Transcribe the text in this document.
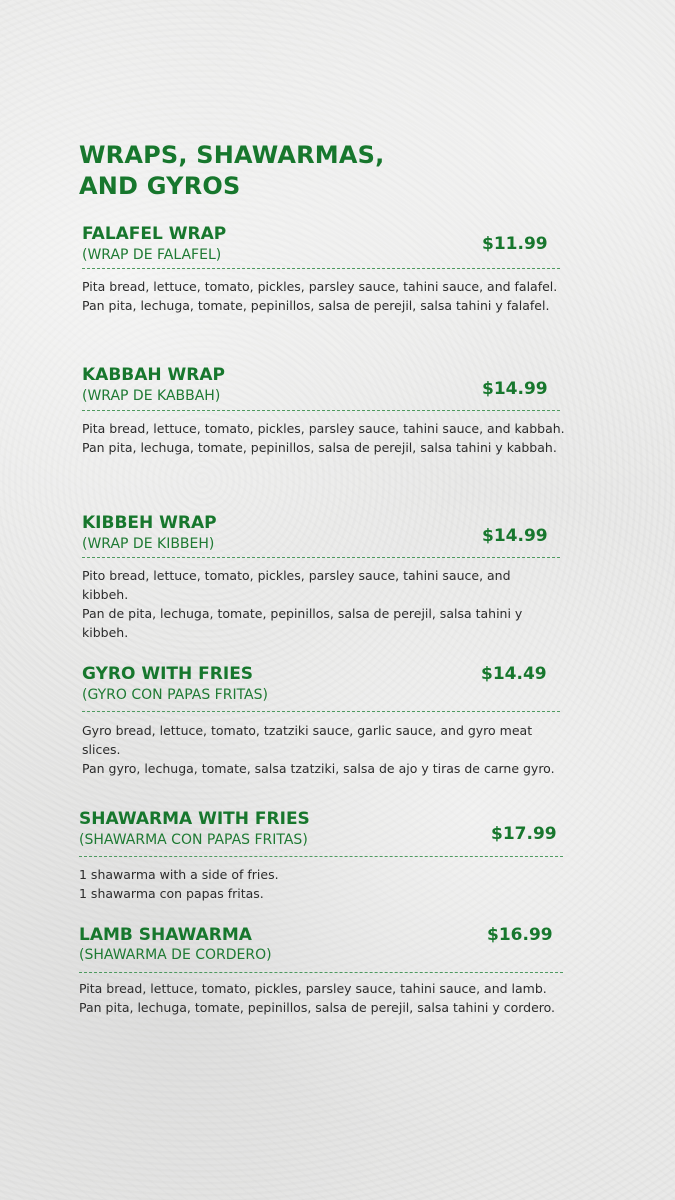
WRAPS, SHAWARMAS,
AND GYROS
FALAFEL WRAP
(WRAP DE FALAFEL)
$11.99

Pita bread, lettuce, tomato, pickles, parsley sauce, tahini sauce, and falafel.

Pan pita, lechuga, tomate, pepinillos, salsa de perejil, salsa tahini y falafel.

KABBAH WRAP
(WRAP DE KABBAH)	$14.99

Pita bread, lettuce, tomato, pickles, parsley sauce, tahini sauce, and kabbah.

Pan pita, lechuga, tomate, pepinillos, salsa de perejil, salsa tahini y kabbah.

KIBBEH WRAP
(WRAP DE KIBBEH)	$14.99

Pito bread, lettuce, tomato, pickles, parsley sauce, tahini sauce, and kibbeh.

Pan de pita, lechuga, tomate, pepinillos, salsa de perejil, salsa tahini y kibbeh.

GYRO WITH FRIES
(GYRO CON PAPAS FRITAS)
$14.49

Gyro bread, lettuce, tomato, tzatziki sauce, garlic sauce, and gyro meat slices.

Pan gyro, lechuga, tomate, salsa tzatziki, salsa de ajo y tiras de carne gyro.

SHAWARMA WITH FRIES
(SHAWARMA CON PAPAS FRITAS)	$17.99

1 shawarma with a side of fries.

1 shawarma con papas fritas.

LAMB SHAWARMA
(SHAWARMA DE CORDERO)
$16.99

Pita bread, lettuce, tomato, pickles, parsley sauce, tahini sauce, and lamb.

Pan pita, lechuga, tomate, pepinillos, salsa de perejil, salsa tahini y cordero.
